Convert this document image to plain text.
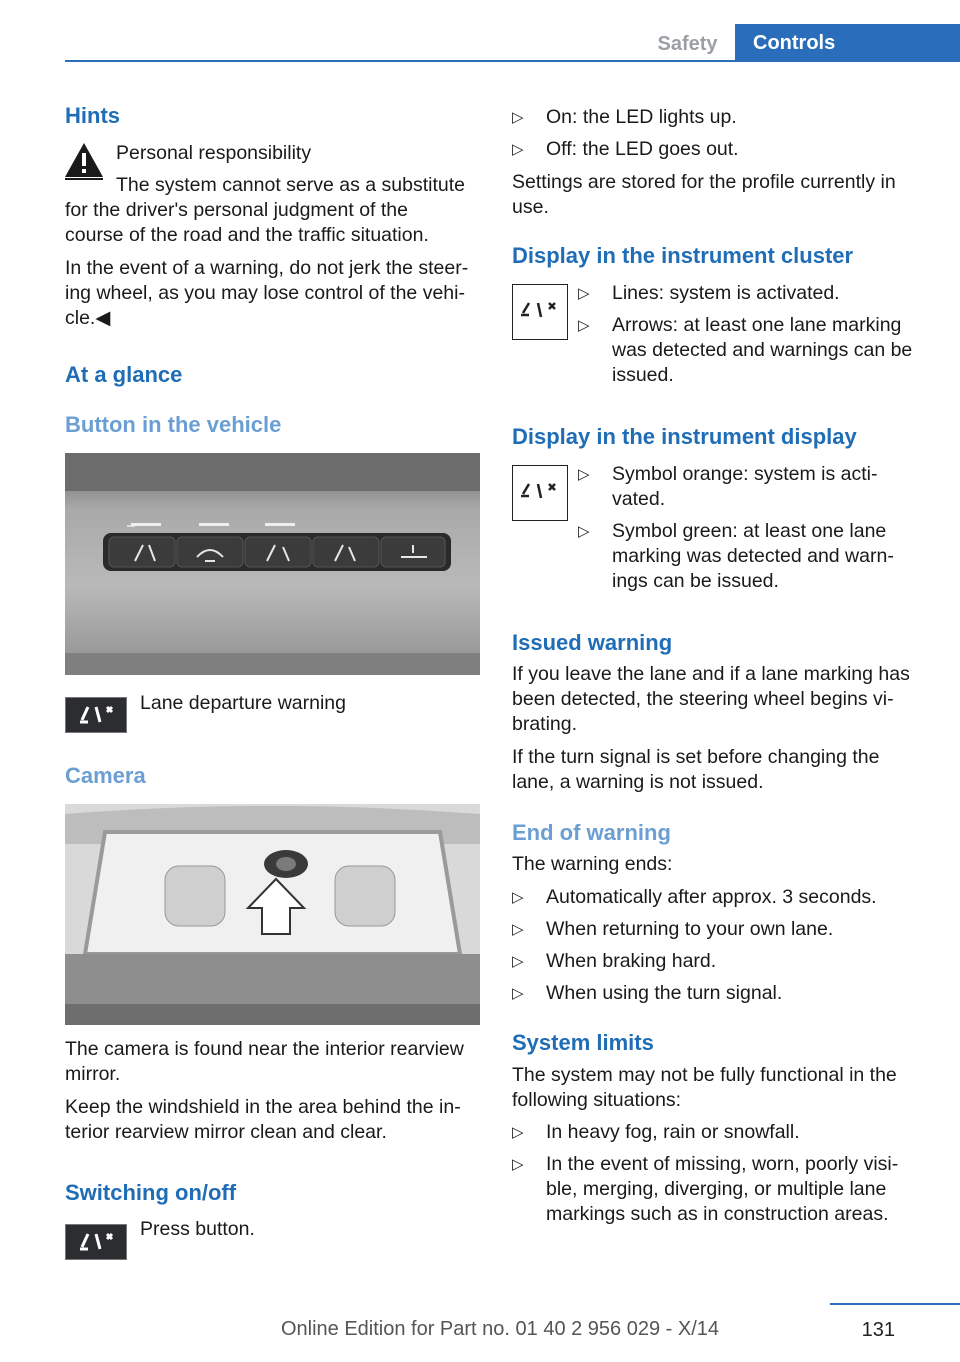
Safety	Controls
Hints
Personal responsibility
The system cannot serve as a substitute
for the driver's personal judgment of the
course of the road and the traffic situation.
In the event of a warning, do not jerk the steer‐
ing wheel, as you may lose control of the vehi‐
cle.◀
At a glance
Button in the vehicle
Lane departure warning
Camera
The camera is found near the interior rearview
mirror.
Keep the windshield in the area behind the in‐
terior rearview mirror clean and clear.
Switching on/off
Press button.
▷	On: the LED lights up.
▷	Off: the LED goes out.
Settings are stored for the profile currently in
use.
Display in the instrument cluster
▷	Lines: system is activated.
▷	Arrows: at least one lane marking
was detected and warnings can be
issued.
Display in the instrument display
▷	Symbol orange: system is acti‐
vated.
▷	Symbol green: at least one lane
marking was detected and warn‐
ings can be issued.
Issued warning
If you leave the lane and if a lane marking has
been detected, the steering wheel begins vi‐
brating.
If the turn signal is set before changing the
lane, a warning is not issued.
End of warning
The warning ends:
▷	Automatically after approx. 3 seconds.
▷	When returning to your own lane.
▷	When braking hard.
▷	When using the turn signal.
System limits
The system may not be fully functional in the
following situations:
▷	In heavy fog, rain or snowfall.
▷	In the event of missing, worn, poorly visi‐
ble, merging, diverging, or multiple lane
markings such as in construction areas.
131
Online Edition for Part no. 01 40 2 956 029 - X/14
